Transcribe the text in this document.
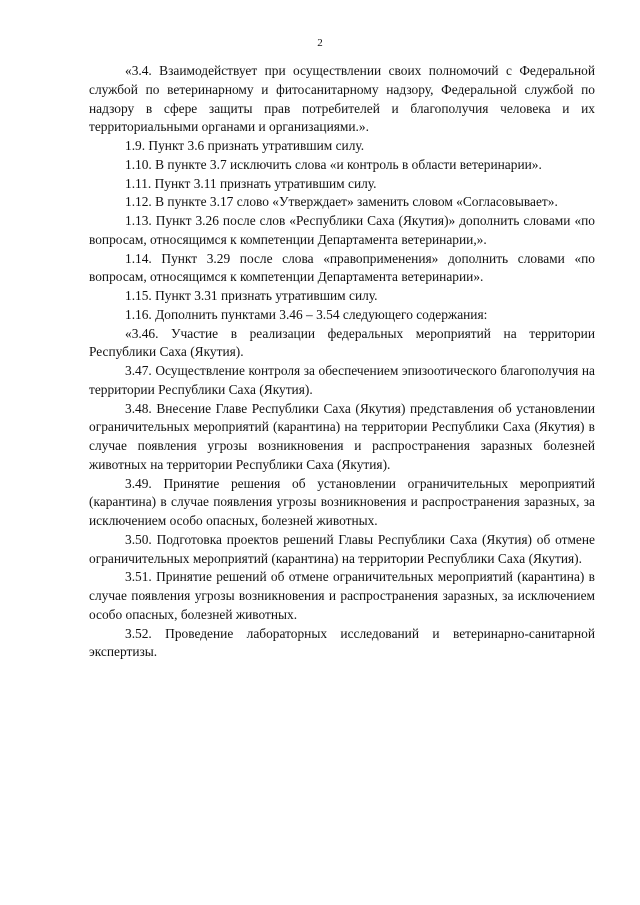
2

«3.4. Взаимодействует при осуществлении своих полномочий с Федеральной службой по ветеринарному и фитосанитарному надзору, Федеральной службой по надзору в сфере защиты прав потребителей и благополучия человека и их территориальными органами и организациями.».

1.9. Пункт 3.6 признать утратившим силу.

1.10. В пункте 3.7 исключить слова «и контроль в области ветеринарии».

1.11. Пункт 3.11 признать утратившим силу.

1.12. В пункте 3.17 слово «Утверждает» заменить словом «Согласовывает».

1.13. Пункт 3.26 после слов «Республики Саха (Якутия)» дополнить словами «по вопросам, относящимся к компетенции Департамента ветеринарии,».

1.14. Пункт 3.29 после слова «правоприменения» дополнить словами «по вопросам, относящимся к компетенции Департамента ветеринарии».

1.15. Пункт 3.31 признать утратившим силу.

1.16. Дополнить пунктами 3.46 – 3.54 следующего содержания:

«3.46. Участие в реализации федеральных мероприятий на территории Республики Саха (Якутия).

3.47. Осуществление контроля за обеспечением эпизоотического благополучия на территории Республики Саха (Якутия).

3.48. Внесение Главе Республики Саха (Якутия) представления об установлении ограничительных мероприятий (карантина) на территории Республики Саха (Якутия) в случае появления угрозы возникновения и распространения заразных болезней животных на территории Республики Саха (Якутия).

3.49. Принятие решения об установлении ограничительных мероприятий (карантина) в случае появления угрозы возникновения и распространения заразных, за исключением особо опасных, болезней животных.

3.50. Подготовка проектов решений Главы Республики Саха (Якутия) об отмене ограничительных мероприятий (карантина) на территории Республики Саха (Якутия).

3.51. Принятие решений об отмене ограничительных мероприятий (карантина) в случае появления угрозы возникновения и распространения заразных, за исключением особо опасных, болезней животных.

3.52. Проведение лабораторных исследований и ветеринарно-санитарной экспертизы.
